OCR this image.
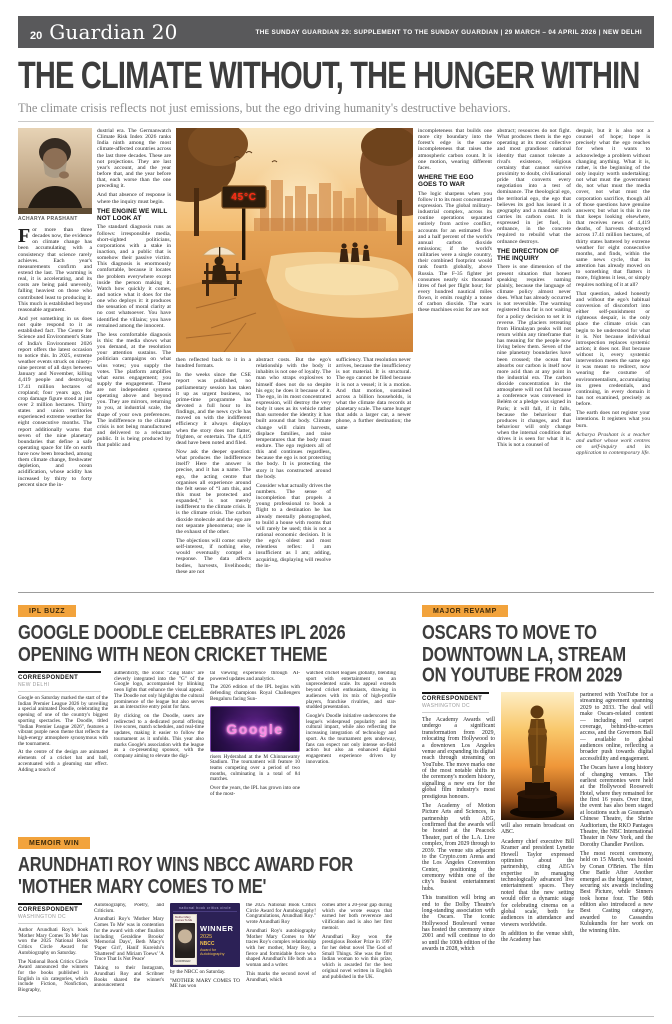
20 Guardian 20	THE SUNDAY GUARDIAN 20: SUPPLEMENT TO THE SUNDAY GUARDIAN | 29 MARCH – 04 APRIL 2026 | NEW DELHI
THE CLIMATE WITHOUT, THE HUNGER WITHIN

The climate crisis reflects not just emissions, but the ego driving humanity's destructive behaviors.

ACHARYA PRASHANT

For more than three decades now, the evidence on climate change has been accumulating with a consistency that science rarely achieves. Each year's measurements confirm and extend the last. The warming is real, it is accelerating, and its costs are being paid unevenly, falling heaviest on those who contributed least to producing it. This much is established beyond reasonable argument.

And yet something in us does not quite respond to it as established fact. The Centre for Science and Environment's State of India's Environment 2026 report offers the latest occasion to notice this. In 2025, extreme weather events struck on ninety-nine percent of all days between January and November, killing 4,419 people and destroying 17.41 million hectares of cropland; four years ago, the crop damage figure stood at just over 2 million hectares. Thirty states and union territories experienced extreme weather for eight consecutive months. The report additionally warns that seven of the nine planetary boundaries that define a safe operating space for life on earth have now been breached, among them climate change, freshwater depletion, and ocean acidification, whose acidity has increased by thirty to forty percent since the in-

dustrial era. The Germanwatch Climate Risk Index 2026 ranks India ninth among the most climate-affected countries across the last three decades. These are not projections. They are last year's account, and the year before that, and the year before that, each worse than the one preceding it.

And that absence of response is where the inquiry must begin.

THE ENGINE WE WILL NOT LOOK AT

The standard diagnosis runs as follows: irresponsible media, short-sighted politicians, corporations with a stake in inaction, and a public that is somehow their passive victim. This diagnosis is enormously comfortable, because it locates the problem everywhere except inside the person making it. Watch how quickly it comes, and notice what it does for the one who deploys it: it produces the sensation of moral clarity at no cost whatsoever. You have identified the villains; you have remained among the innocent.

The less comfortable diagnosis is this: the media shows what you demand, at the resolution your attention sustains. The politician campaigns on what wins votes; you supply the votes. The platform amplifies what earns engagement; you supply the engagement. These are not independent systems operating above and beyond you. They are mirrors, returning to you, at industrial scale, the shape of your own preferences. The indifference to the climate crisis is not being manufactured and delivered to a reluctant public. It is being produced by that public and

45°C

then reflected back to it in a hundred formats.

In the weeks since the CSE report was published, no parliamentary session has taken it up as urgent business, no prime-time programme has devoted a full hour to its findings, and the news cycle has moved on with the indifferent efficiency it always displays when the story does not flatter, frighten, or entertain. The 4,419 dead have been noted and filed.

Now ask the deeper question: what produces the indifference itself? Here the answer is precise, and it has a name. The ego, the acting centre that organises all experience around the felt sense of “I am this, and this must be protected and expanded,” is not merely indifferent to the climate crisis. It is the climate crisis. The carbon dioxide molecule and the ego are not separate phenomena; one is the exhaust of the other.

The objections will come: surely self-interest, if nothing else, would eventually compel a response. The data affects bodies, harvests, livelihoods; these are not

abstract costs. But the ego's relationship with the body it inhabits is not one of loyalty. The man who straps explosives to himself does not do so despite his ego; he does it because of it. The ego, in its most concentrated expression, will destroy the very body it uses as its vehicle rather than surrender the identity it has built around that body. Climate change will claim harvests, displace families, and raise temperatures that the body must endure. The ego registers all of this and continues regardless, because the ego is not protecting the body. It is protecting the story it has constructed around the body.

Consider what actually drives the numbers. The sense of incompletion that propels a young professional to book a flight to a destination he has already mentally photographed, to build a house with rooms that will rarely be used; this is not a rational economic decision. It is the ego's oldest and most relentless reflex: I am insufficient as I am; adding, acquiring, displaying will resolve the in-

sufficiency. That resolution never arrives, because the insufficiency is not material. It is structural. The ego cannot be filled because it is not a vessel; it is a motion. And that motion, sustained across a billion households, is what the climate data records at planetary scale. The same hunger that adds a larger car, a newer phone, a further destination; the same

incompleteness that builds one more city boundary into the forest's edge is the same incompleteness that raises the atmospheric carbon count. It is one motion, wearing different faces.

WHERE THE EGO GOES TO WAR

The logic sharpens when you follow it to its most concentrated expression. The global military-industrial complex, across its routine operations separated entirely from active conflict, accounts for an estimated five and a half percent of the world's annual carbon dioxide emissions; if the world's militaries were a single country, their combined footprint would rank fourth globally, above Russia. The F-35 fighter jet consumes nearly six thousand litres of fuel per flight hour; for every hundred nautical miles flown, it emits roughly a tonne of carbon dioxide. The wars these machines exist for are not

abstract; resources do not fight. What produces them is the ego operating at its most collective and most grandiose: national identity that cannot tolerate a rival's existence, religious certainty that cannot survive proximity to doubt, civilisational pride that converts every negotiation into a test of dominance. The theological ego, the territorial ego, the ego that believes its god has issued it a geography and a mandate: each carries its carbon cost. It is expressed in jet fuel, in ordnance, in the concrete required to rebuild what the ordnance destroys.

THE DIRECTION OF THE INQUIRY

There is one dimension of the present situation that honest speaking requires naming plainly, because the language of climate policy almost never does. What has already occurred is not reversible. The warming registered thus far is not waiting for a policy decision to set it in reverse. The glaciers retreating from Himalayan peaks will not return within any timeframe that has meaning for the people now living below them. Seven of the nine planetary boundaries have been crossed; the ocean that absorbs our carbon is itself now more acid than at any point in the industrial era. The carbon dioxide concentration in the atmosphere will not fall because a conference was convened in Belém or a pledge was signed in Paris; it will fall, if it falls, because the behaviour that produces it changes, and that behaviour will only change when the internal condition that drives it is seen for what it is. This is not a counsel of

despair, but it is also not a counsel of hope; hope is precisely what the ego reaches for when it wants to acknowledge a problem without changing anything. What it is, rather, is the beginning of the only inquiry worth undertaking: not what must the government do, not what must the media cover, not what must the corporation sacrifice, though all of those questions have genuine answers; but what is this in me that keeps looking elsewhere, that receives news of 4,419 deaths, of harvests destroyed across 17.41 million hectares, of thirty states battered by extreme weather for eight consecutive months, and finds, within the same news cycle, that its attention has already moved on to something that flatters it more, frightens it less, or simply requires nothing of it at all?

That question, asked honestly and without the ego's habitual conversion of discomfort into either self-punishment or righteous despair, is the only place the climate crisis can begin to be understood for what it is. Not because individual introspection replaces systemic action; it does not. But because without it, every systemic intervention meets the same ego it was meant to redirect, now wearing the costume of environmentalism, accumulating its green credentials, and continuing, in every domain it has not examined, precisely as before.

The earth does not register your intentions. It registers what you burn.

Acharya Prashant is a teacher and author whose work centres on self-inquiry and its application to contemporary life.

IPL BUZZ
GOOGLE DOODLE CELEBRATES IPL 2026 OPENING WITH NEON CRICKET THEME
CORRESPONDENT
NEW DELHI

Google on Saturday marked the start of the Indian Premier League 2026 by unveiling a special animated Doodle, celebrating the opening of one of the country's biggest sporting spectacles. The Doodle, titled "Indian Premier League 2026", features a vibrant purple neon theme that reflects the high-energy atmosphere synonymous with the tournament.

At the centre of the design are animated elements of a cricket bat and ball, accentuated with a gleaming star effect. Adding a touch of

authenticity, the iconic "Zing Bails" are cleverly integrated into the "G" of the Google logo, accompanied by blinking neon lights that enhance the visual appeal. The Doodle not only highlights the cultural prominence of the league but also serves as an interactive entry point for fans.

By clicking on the Doodle, users are redirected to a dedicated portal offering live scores, match schedules, and real-time updates, making it easier to follow the tournament as it unfolds. This year also marks Google's association with the league as a co-presenting sponsor, with the company aiming to elevate the digi-

tal viewing experience through AI-powered updates and analytics.

The 2026 edition of the IPL begins with defending champions Royal Challengers Bengaluru facing Sun-

Google

risers Hyderabad at the M Chinnaswamy Stadium. The tournament will feature 10 teams competing over a period of two months, culminating in a total of 84 matches.

Over the years, the IPL has grown into one of the most-

watched cricket leagues globally, blending sport with entertainment on an unprecedented scale. Its appeal extends beyond cricket enthusiasts, drawing in audiences with its mix of high-profile players, franchise rivalries, and star-studded presentation.

Google's Doodle initiative underscores the league's widespread popularity and its cultural impact, while also reflecting the increasing integration of technology and sport. As the tournament gets underway, fans can expect not only intense on-field action but also an enhanced digital engagement experience driven by innovation.

MEMOIR WIN
ARUNDHATI ROY WINS NBCC AWARD FOR 'MOTHER MARY COMES TO ME'
CORRESPONDENT
WASHINGTON DC

Author Arundhati Roy's book 'Mother Mary Comes To Me' has won the 2025 National Book Critics Circle Award for Autobiography on Saturday.

The National Book Critics Circle Award announced the winners for the books published in English in six categories, which include Fiction, Nonfiction, Biography,

Autobiography, Poetry, and Criticism.

Arundhati Roy's 'Mother Mary Comes To Me' was in contention for the award with other finalists including Geraldine Brooks' 'Memorial Days', Beth Macy's 'Paper Girl', Hanif Kureishi's 'Shattered' and Miriam Toews' 'A Truce That Is Not Peace'

Taking to their Instagram, Arundhati Roy and Scribner Books shared the winner's announcement

national book critics circle
Mother Mary Comes To Me
SCRIBNER
WINNER
2025
NBCC
Award for Autobiography

by the NBCC on Saturday.

"MOTHER MARY COMES TO ME has won

the 2025 National Book Critics Circle Award for Autobiography! Congratulations, Arundhati Roy." wrote Arundhati Roy

Arundhati Roy's autobiography 'Mother Mary Comes to Me' traces Roy's complex relationship with her mother, Mary Roy, a fierce and formidable force who shaped Arundhati's life both as a woman and a writer.

This marks the second novel of Arundhati, which

comes after a 20-year gap during which she wrote essays that earned her both reverence and vilification and is also her first memoir.

Arundhati Roy won the prestigious Booker Prize in 1997 for her debut novel The God of Small Things. She was the first Indian woman to win this prize, which is awarded for the best original novel written in English and published in the UK.

MAJOR REVAMP
OSCARS TO MOVE TO DOWNTOWN LA, STREAM ON YOUTUBE FROM 2029
CORRESPONDENT
WASHINGTON DC

The Academy Awards will undergo a significant transformation from 2029, relocating from Hollywood to a downtown Los Angeles venue and expanding its digital reach through streaming on YouTube. The move marks one of the most notable shifts in the ceremony's modern history, signalling a new era for the global film industry's most prestigious honours.

The Academy of Motion Picture Arts and Sciences, in partnership with AEG, confirmed that the awards will be hosted at the Peacock Theater, part of the L.A. Live complex, from 2029 through to 2039. The venue sits adjacent to the Crypto.com Arena and the Los Angeles Convention Center, positioning the ceremony within one of the city's busiest entertainment hubs.

This transition will bring an end to the Dolby Theatre's long-standing association with the Oscars. The iconic Hollywood Boulevard venue has hosted the ceremony since 2001 and will continue to do so until the 100th edition of the awards in 2028, which

will also remain broadcast on ABC.

Academy chief executive Bill Kramer and president Lynette Howell Taylor expressed optimism about the partnership, citing AEG's expertise in managing technologically advanced live entertainment spaces. They noted that the new setting would offer a dynamic stage for celebrating cinema on a global scale, both for audiences in attendance and viewers worldwide.

In addition to the venue shift, the Academy has

partnered with YouTube for a streaming agreement spanning 2029 to 2033. The deal will make Oscars-related content — including red carpet coverage, behind-the-scenes access, and the Governors Ball — available to global audiences online, reflecting a broader push towards digital accessibility and engagement.

The Oscars have a long history of changing venues. The earliest ceremonies were held at the Hollywood Roosevelt Hotel, where they remained for the first 16 years. Over time, the event has also been staged at locations such as Grauman's Chinese Theatre, the Shrine Auditorium, the RKO Pantages Theatre, the NBC International Theater in New York, and the Dorothy Chandler Pavilion.

The most recent ceremony, held on 15 March, was hosted by Conan O'Brien. The film One Battle After Another emerged as the biggest winner, securing six awards including Best Picture, while Sinners took home four. The 98th edition also introduced a new Best Casting category, awarded to Cassandra Kulukundis for her work on the winning film.
